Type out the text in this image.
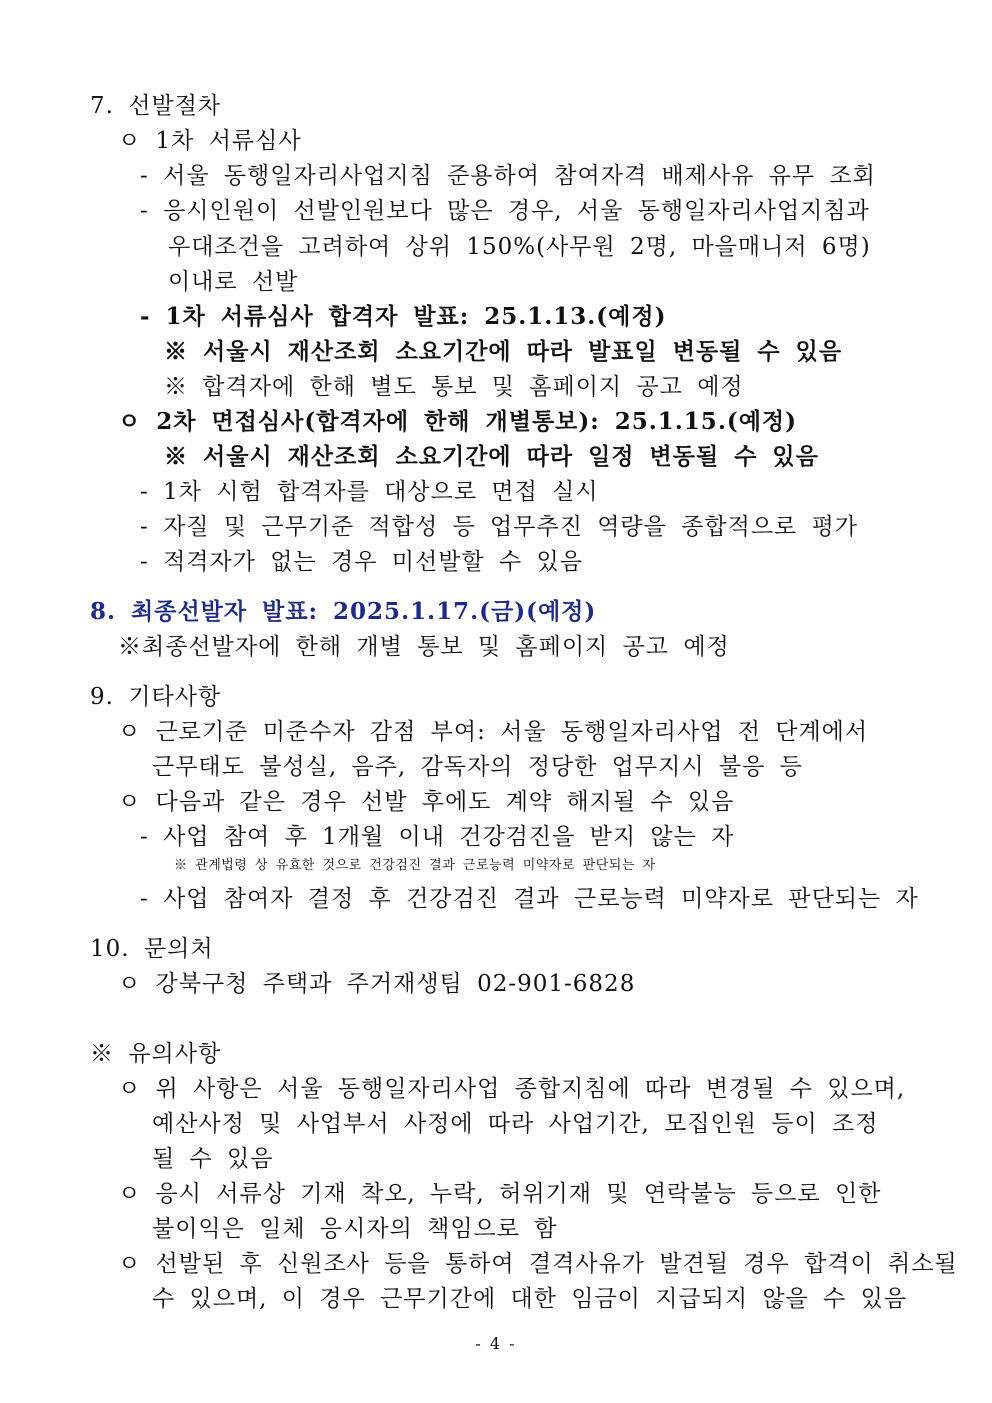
7. 선발절차
ㅇ 1차 서류심사
- 서울 동행일자리사업지침 준용하여 참여자격 배제사유 유무 조회
- 응시인원이 선발인원보다 많은 경우, 서울 동행일자리사업지침과
우대조건을 고려하여 상위 150%(사무원 2명, 마을매니저 6명)
이내로 선발
- 1차 서류심사 합격자 발표: 25.1.13.(예정)
※ 서울시 재산조회 소요기간에 따라 발표일 변동될 수 있음
※ 합격자에 한해 별도 통보 및 홈페이지 공고 예정
ㅇ 2차 면접심사(합격자에 한해 개별통보): 25.1.15.(예정)
※ 서울시 재산조회 소요기간에 따라 일정 변동될 수 있음
- 1차 시험 합격자를 대상으로 면접 실시
- 자질 및 근무기준 적합성 등 업무추진 역량을 종합적으로 평가
- 적격자가 없는 경우 미선발할 수 있음
8. 최종선발자 발표: 2025.1.17.(금)(예정)
※최종선발자에 한해 개별 통보 및 홈페이지 공고 예정
9. 기타사항
ㅇ 근로기준 미준수자 감점 부여: 서울 동행일자리사업 전 단계에서
근무태도 불성실, 음주, 감독자의 정당한 업무지시 불응 등
ㅇ 다음과 같은 경우 선발 후에도 계약 해지될 수 있음
- 사업 참여 후 1개월 이내 건강검진을 받지 않는 자
※ 관계법령 상 유효한 것으로 건강검진 결과 근로능력 미약자로 판단되는 자
- 사업 참여자 결정 후 건강검진 결과 근로능력 미약자로 판단되는 자
10. 문의처
ㅇ 강북구청 주택과 주거재생팀 02-901-6828
※ 유의사항
ㅇ 위 사항은 서울 동행일자리사업 종합지침에 따라 변경될 수 있으며,
예산사정 및 사업부서 사정에 따라 사업기간, 모집인원 등이 조정
될 수 있음
ㅇ 응시 서류상 기재 착오, 누락, 허위기재 및 연락불능 등으로 인한
불이익은 일체 응시자의 책임으로 함
ㅇ 선발된 후 신원조사 등을 통하여 결격사유가 발견될 경우 합격이 취소될
수 있으며, 이 경우 근무기간에 대한 임금이 지급되지 않을 수 있음
- 4 -
